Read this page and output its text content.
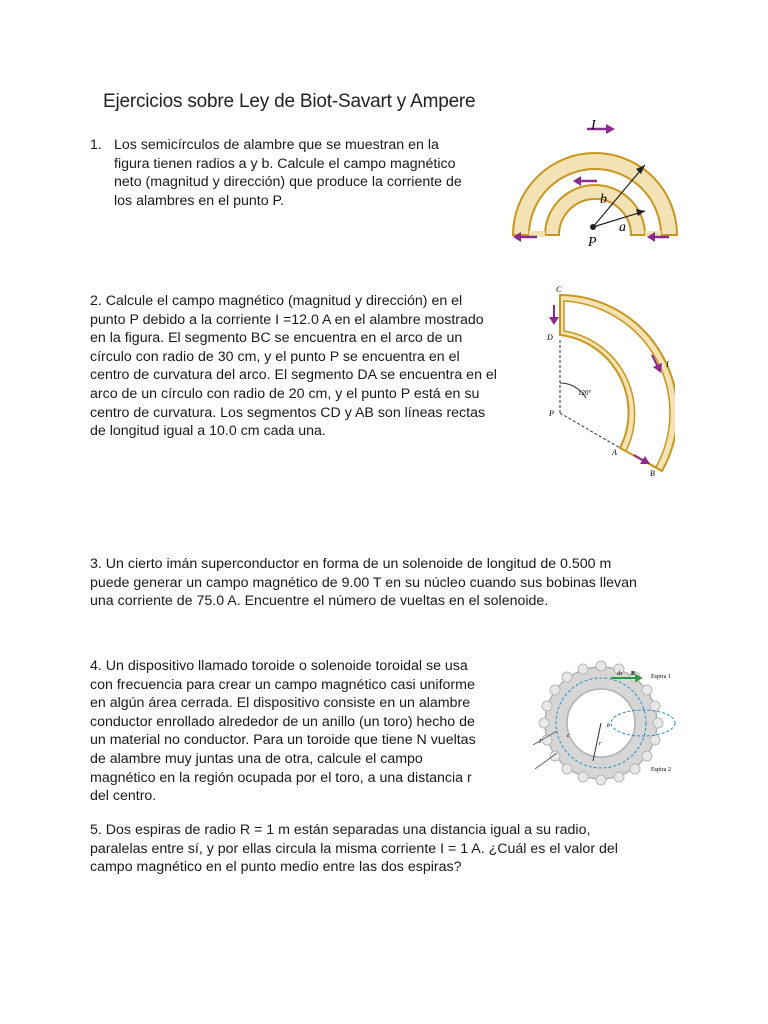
Ejercicios sobre Ley de Biot-Savart y Ampere
1. Los semicírculos de alambre que se muestran en la
figura tienen radios a y b. Calcule el campo magnético
neto (magnitud y dirección) que produce la corriente de
los alambres en el punto P.
I
b
a
P
2. Calcule el campo magnético (magnitud y dirección) en el
punto P debido a la corriente I =12.0 A en el alambre mostrado
en la figura. El segmento BC se encuentra en el arco de un
círculo con radio de 30 cm, y el punto P se encuentra en el
centro de curvatura del arco. El segmento DA se encuentra en el
arco de un círculo con radio de 20 cm, y el punto P está en su
centro de curvatura. Los segmentos CD y AB son líneas rectas
de longitud igual a 10.0 cm cada una.
C
D
P
A
B
I
120°
3. Un cierto imán superconductor en forma de un solenoide de longitud de 0.500 m
puede generar un campo magnético de 9.00 T en su núcleo cuando sus bobinas llevan
una corriente de 75.0 A. Encuentre el número de vueltas en el solenoide.
4. Un dispositivo llamado toroide o solenoide toroidal se usa
con frecuencia para crear un campo magnético casi uniforme
en algún área cerrada. El dispositivo consiste en un alambre
conductor enrollado alrededor de un anillo (un toro) hecho de
un material no conductor. Para un toroide que tiene N vueltas
de alambre muy juntas una de otra, calcule el campo
magnético en la región ocupada por el toro, a una distancia r
del centro.
Espira 1
Espira 2
ds B
r
b
c
I
5. Dos espiras de radio R = 1 m están separadas una distancia igual a su radio,
paralelas entre sí, y por ellas circula la misma corriente I = 1 A. ¿Cuál es el valor del
campo magnético en el punto medio entre las dos espiras?
